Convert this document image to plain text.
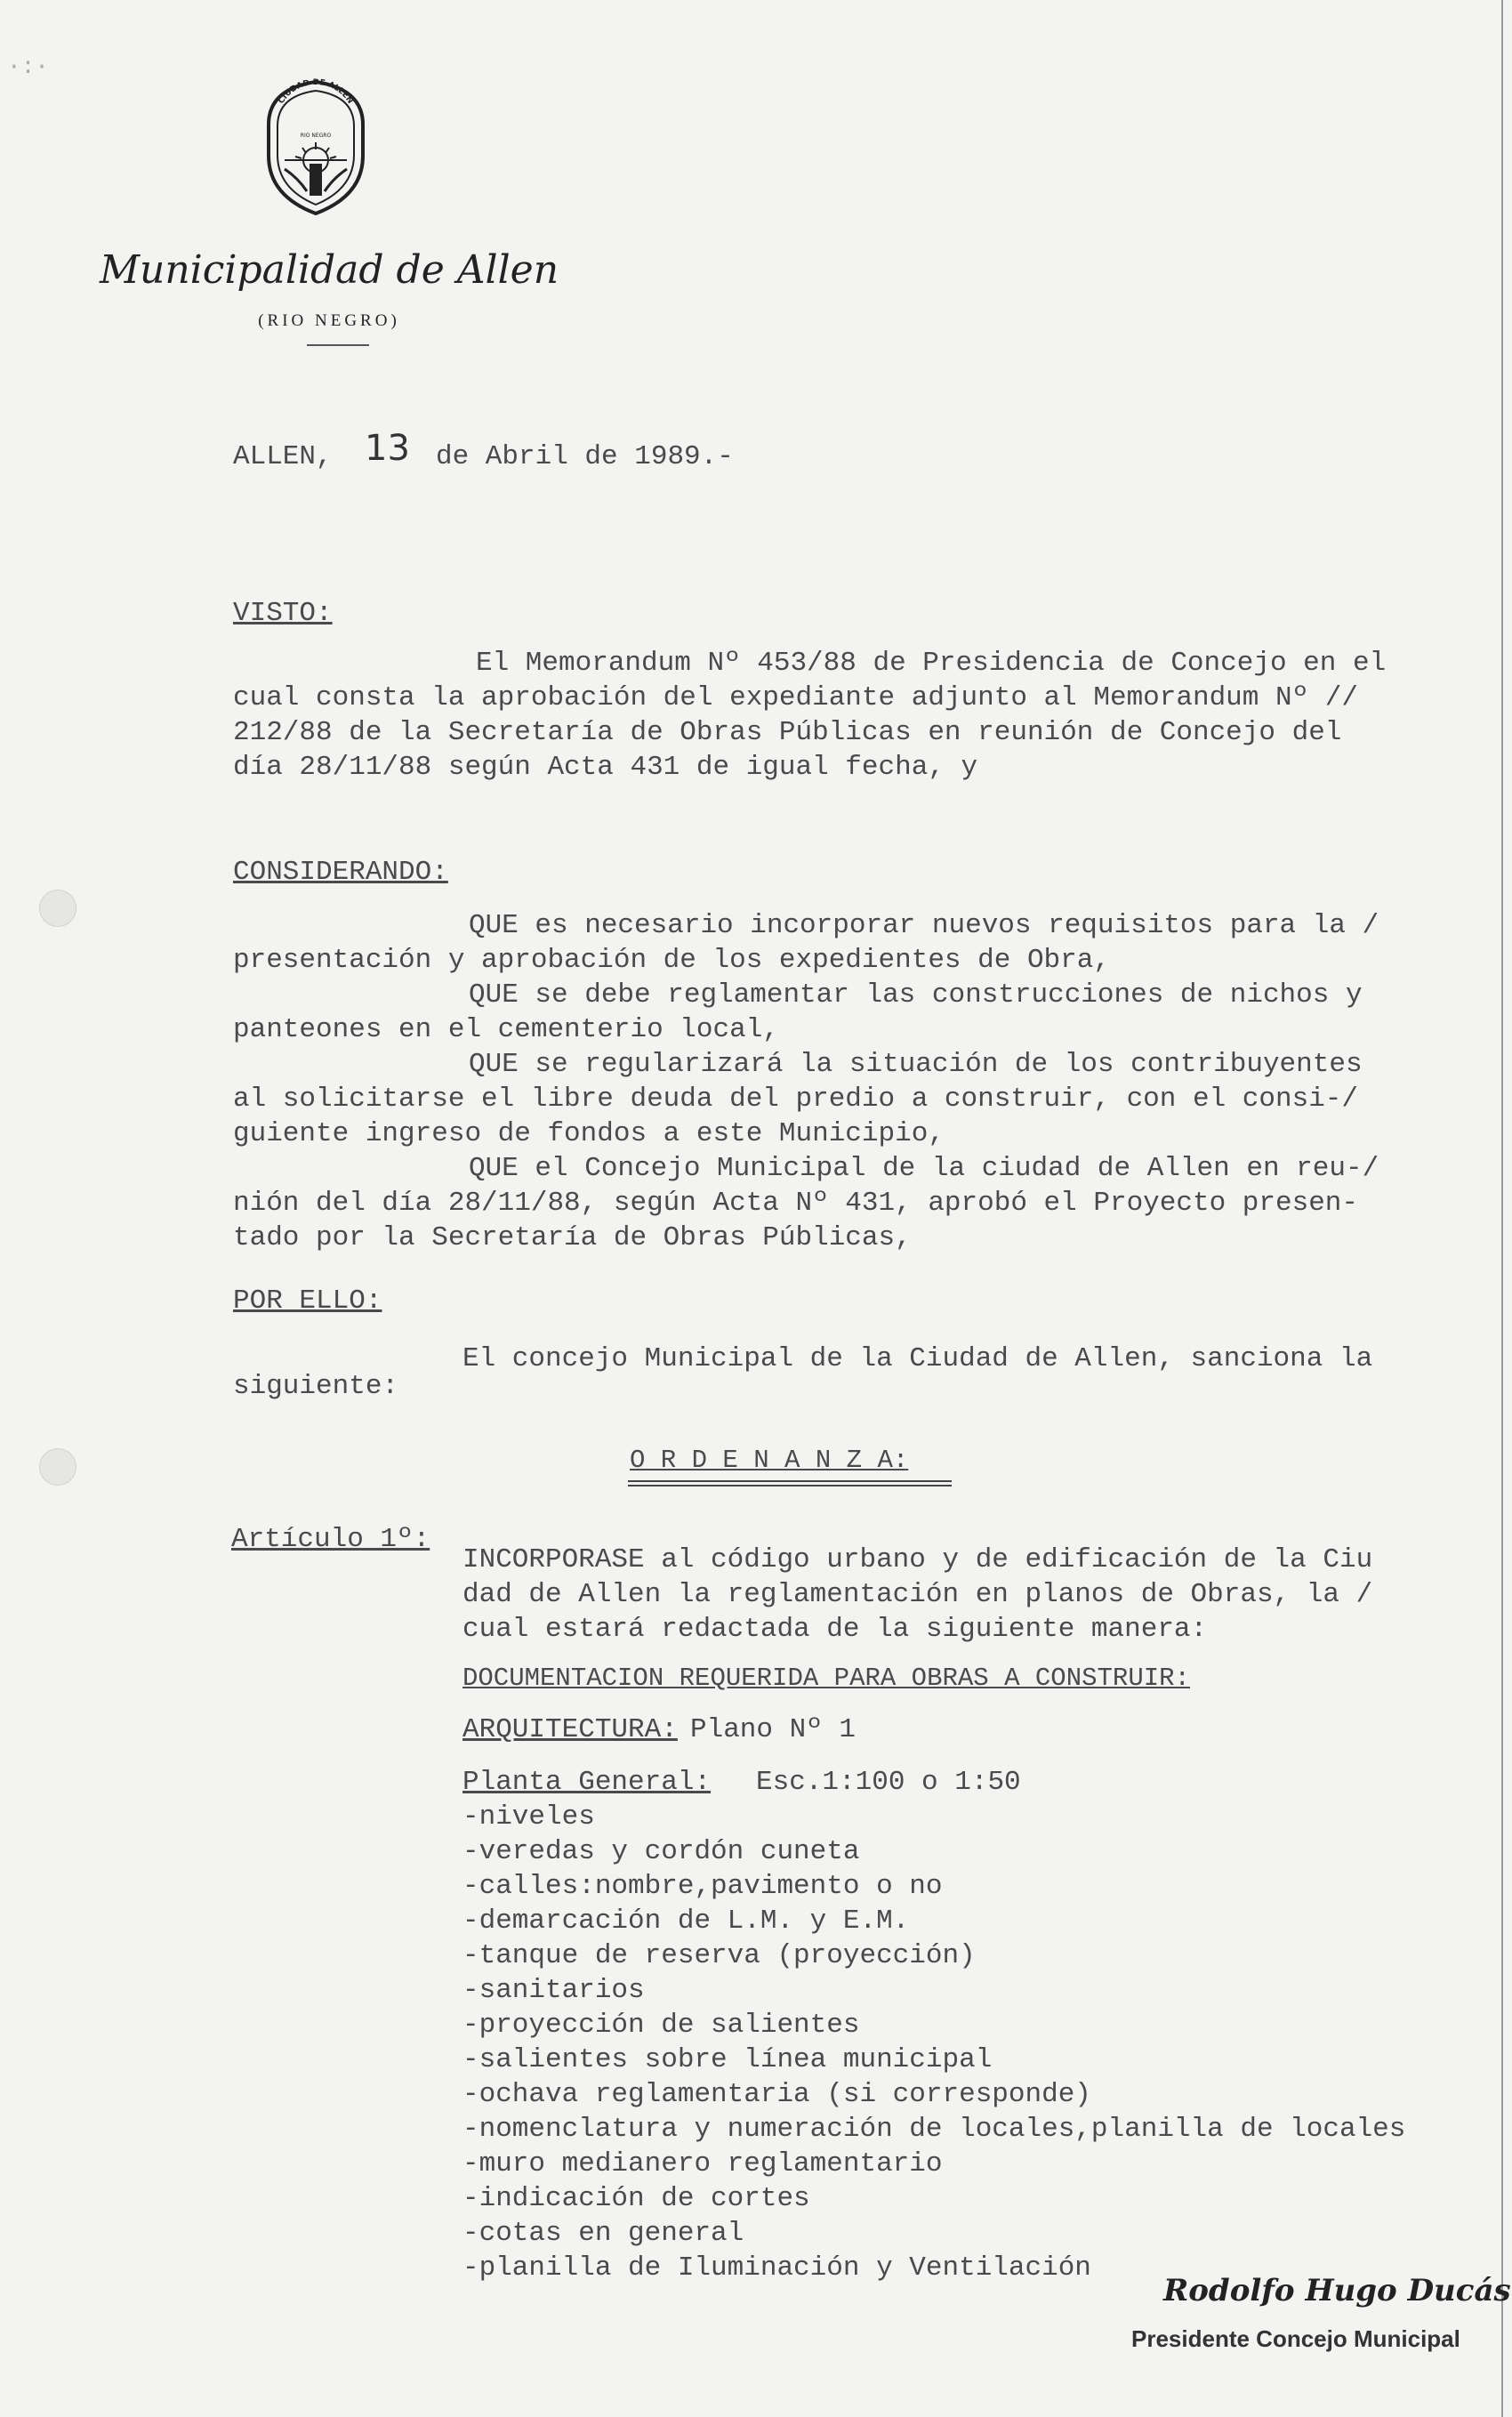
·:·
CIUDAD DE ALLEN
RIO NEGRO
Municipalidad de Allen
(RIO NEGRO)
ALLEN, 13 de Abril de 1989.-
VISTO:
El Memorandum Nº 453/88 de Presidencia de Concejo en el
cual consta la aprobación del expediante adjunto al Memorandum Nº //
212/88 de la Secretaría de Obras Públicas en reunión de Concejo del
día 28/11/88 según Acta 431 de igual fecha, y
CONSIDERANDO:
QUE es necesario incorporar nuevos requisitos para la /
presentación y aprobación de los expedientes de Obra,
QUE se debe reglamentar las construcciones de nichos y
panteones en el cementerio local,
QUE se regularizará la situación de los contribuyentes
al solicitarse el libre deuda del predio a construir, con el consi-/
guiente ingreso de fondos a este Municipio,
QUE el Concejo Municipal de la ciudad de Allen en reu-/
nión del día 28/11/88, según Acta Nº 431, aprobó el Proyecto presen-
tado por la Secretaría de Obras Públicas,
POR ELLO:
El concejo Municipal de la Ciudad de Allen, sanciona la
siguiente:
O R D E N A N Z A:
Artículo 1º:
INCORPORASE al código urbano y de edificación de la Ciu
dad de Allen la reglamentación en planos de Obras, la /
cual estará redactada de la siguiente manera:
DOCUMENTACION REQUERIDA PARA OBRAS A CONSTRUIR:
ARQUITECTURA: Plano Nº 1
Planta General: Esc.1:100 o 1:50
-niveles
-veredas y cordón cuneta
-calles:nombre,pavimento o no
-demarcación de L.M. y E.M.
-tanque de reserva (proyección)
-sanitarios
-proyección de salientes
-salientes sobre línea municipal
-ochava reglamentaria (si corresponde)
-nomenclatura y numeración de locales,planilla de locales
-muro medianero reglamentario
-indicación de cortes
-cotas en general
-planilla de Iluminación y Ventilación
Rodolfo Hugo Ducás
Presidente Concejo Municipal
